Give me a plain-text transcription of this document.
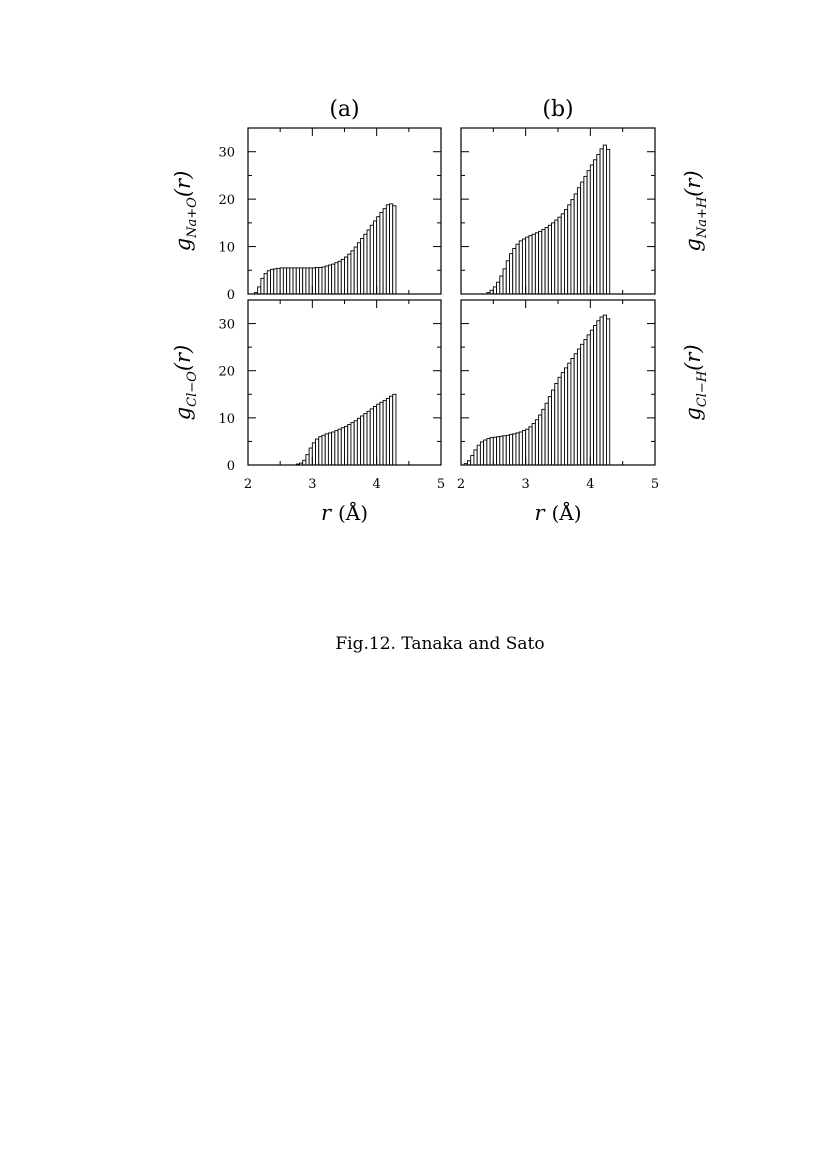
0
10
20
30
(a)
$g_{Na+O}(r)$
(b)
$g_{Na+H}(r)$
0
10
20
30
2	3	4	5
r (Å)
$g_{Cl-O}(r)$
2	3	4	5
r (Å)
$g_{Cl-H}(r)$
Fig.12. Tanaka and Sato
